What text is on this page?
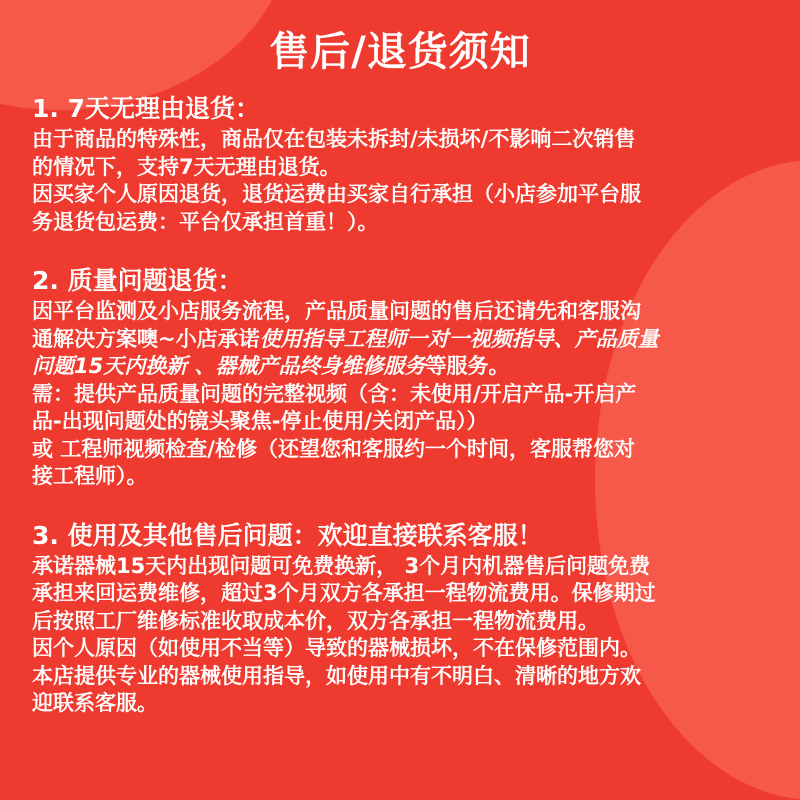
售后/退货须知
1. 7天无理由退货：
由于商品的特殊性，商品仅在包装未拆封/未损坏/不影响二次销售
的情况下，支持7天无理由退货。
因买家个人原因退货，退货运费由买家自行承担（小店参加平台服
务退货包运费：平台仅承担首重！）。
2. 质量问题退货：
因平台监测及小店服务流程，产品质量问题的售后还请先和客服沟
通解决方案噢~小店承诺使用指导工程师一对一视频指导、产品质量
问题15天内换新 、器械产品终身维修服务等服务。
需：提供产品质量问题的完整视频（含：未使用/开启产品-开启产
品-出现问题处的镜头聚焦-停止使用/关闭产品））
或 工程师视频检查/检修（还望您和客服约一个时间，客服帮您对
接工程师）。
3. 使用及其他售后问题：欢迎直接联系客服！
承诺器械15天内出现问题可免费换新， 3个月内机器售后问题免费
承担来回运费维修，超过3个月双方各承担一程物流费用。保修期过
后按照工厂维修标准收取成本价，双方各承担一程物流费用。
因个人原因（如使用不当等）导致的器械损坏，不在保修范围内。
本店提供专业的器械使用指导，如使用中有不明白、清晰的地方欢
迎联系客服。
